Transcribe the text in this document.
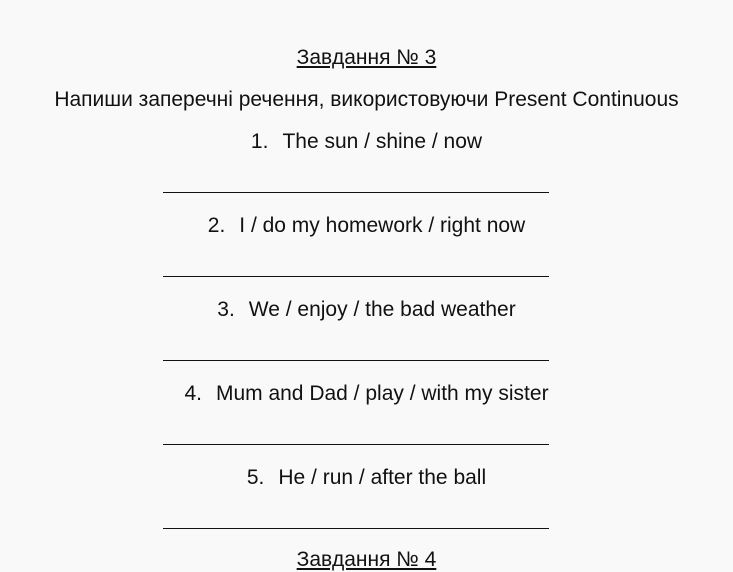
Завдання № 3
Напиши заперечні речення, використовуючи Present Continuous
1. The sun / shine / now
2. I / do my homework / right now
3. We / enjoy / the bad weather
4. Mum and Dad / play / with my sister
5. He / run / after the ball
Завдання № 4
